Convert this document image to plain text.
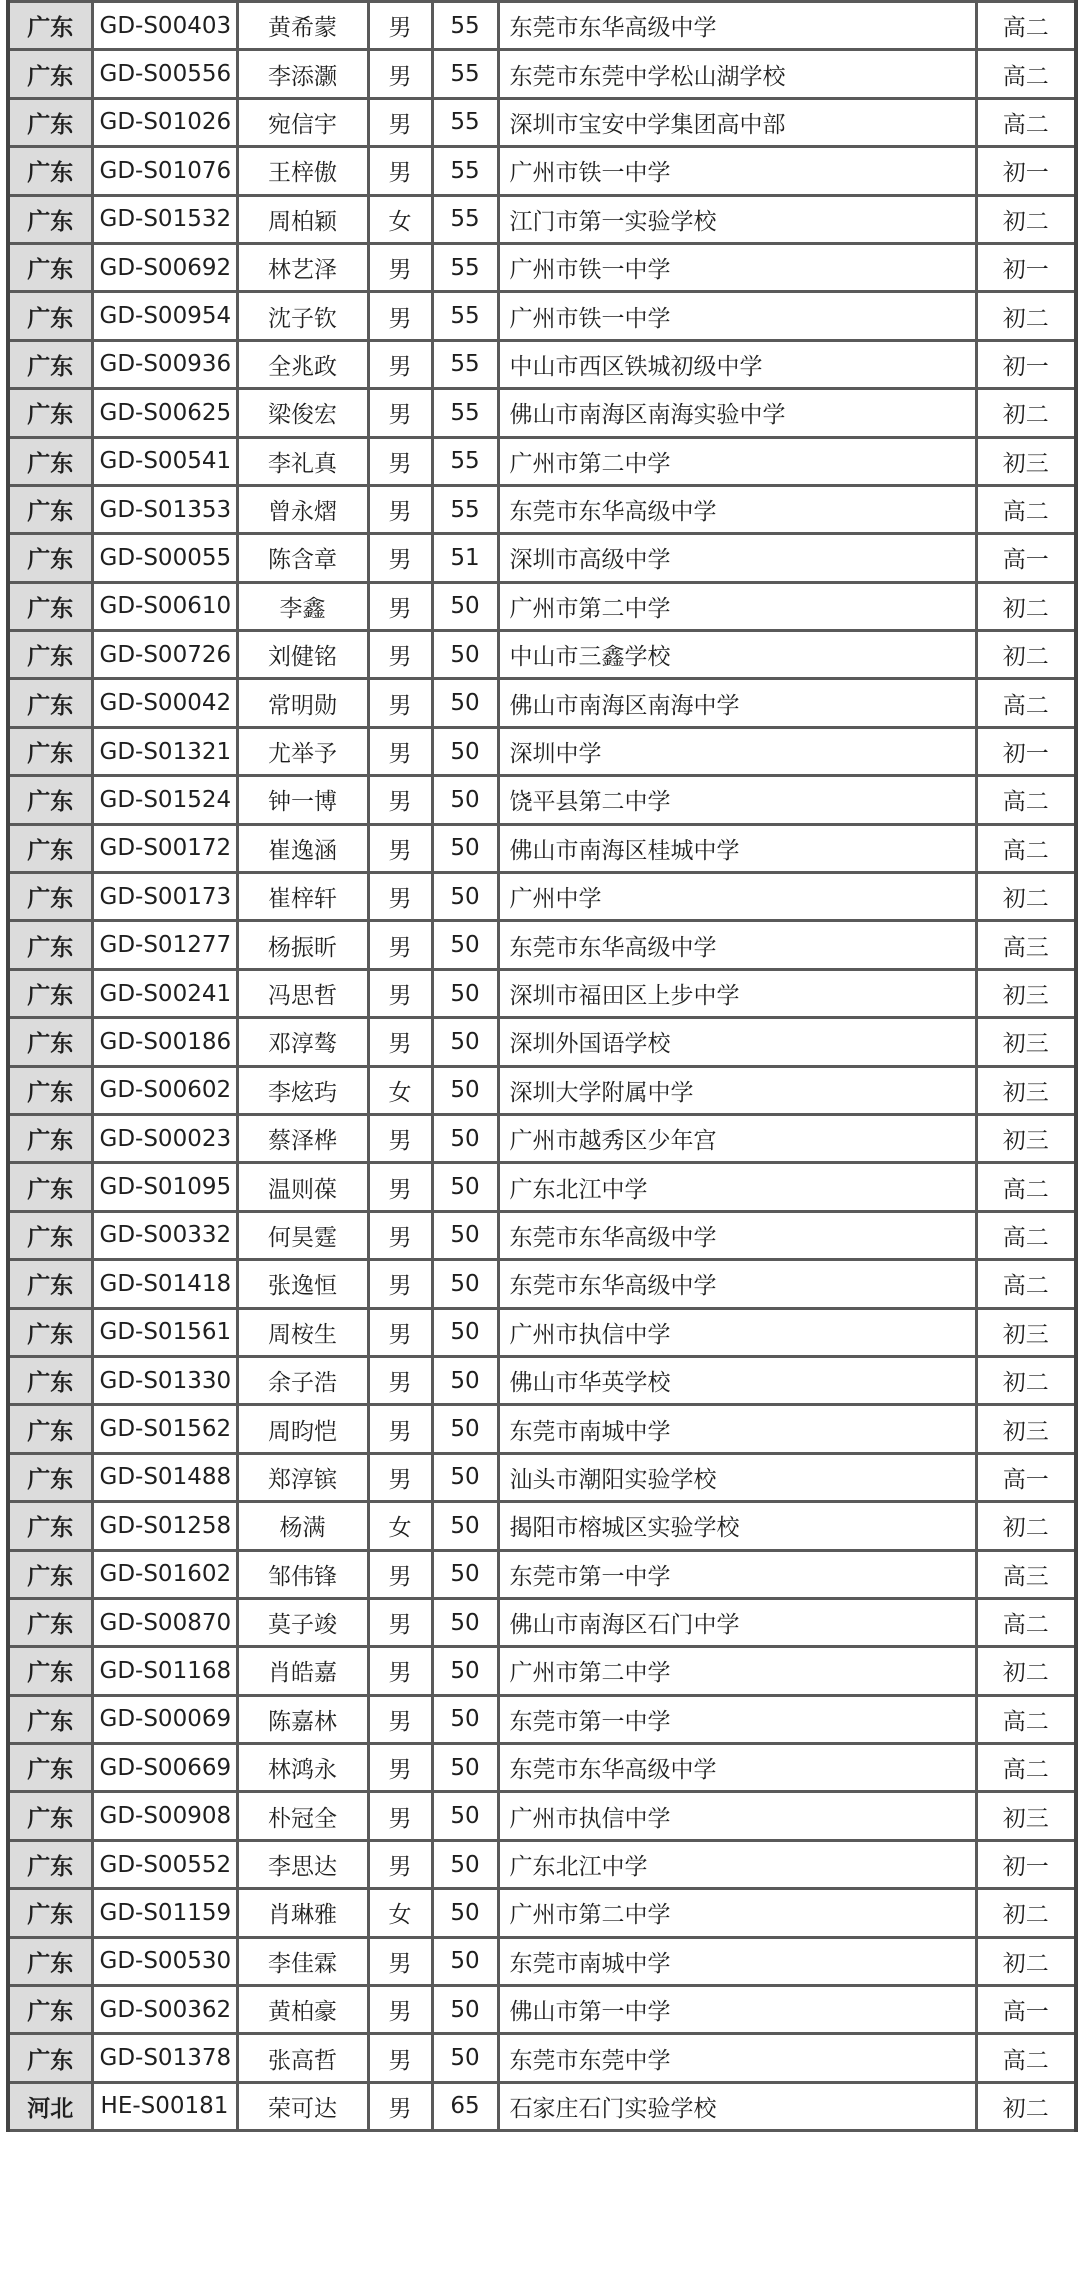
广东	GD-S00403	黄希蒙	男	55	东莞市东华高级中学	高二
广东	GD-S00556	李添灏	男	55	东莞市东莞中学松山湖学校	高二
广东	GD-S01026	宛信宇	男	55	深圳市宝安中学集团高中部	高二
广东	GD-S01076	王梓傲	男	55	广州市铁一中学	初一
广东	GD-S01532	周柏颖	女	55	江门市第一实验学校	初二
广东	GD-S00692	林艺泽	男	55	广州市铁一中学	初一
广东	GD-S00954	沈子钦	男	55	广州市铁一中学	初二
广东	GD-S00936	全兆政	男	55	中山市西区铁城初级中学	初一
广东	GD-S00625	梁俊宏	男	55	佛山市南海区南海实验中学	初二
广东	GD-S00541	李礼真	男	55	广州市第二中学	初三
广东	GD-S01353	曾永熠	男	55	东莞市东华高级中学	高二
广东	GD-S00055	陈含章	男	51	深圳市高级中学	高一
广东	GD-S00610	李鑫	男	50	广州市第二中学	初二
广东	GD-S00726	刘健铭	男	50	中山市三鑫学校	初二
广东	GD-S00042	常明勋	男	50	佛山市南海区南海中学	高二
广东	GD-S01321	尤举予	男	50	深圳中学	初一
广东	GD-S01524	钟一博	男	50	饶平县第二中学	高二
广东	GD-S00172	崔逸涵	男	50	佛山市南海区桂城中学	高二
广东	GD-S00173	崔梓轩	男	50	广州中学	初二
广东	GD-S01277	杨振昕	男	50	东莞市东华高级中学	高三
广东	GD-S00241	冯思哲	男	50	深圳市福田区上步中学	初三
广东	GD-S00186	邓淳骜	男	50	深圳外国语学校	初三
广东	GD-S00602	李炫玙	女	50	深圳大学附属中学	初三
广东	GD-S00023	蔡泽桦	男	50	广州市越秀区少年宫	初三
广东	GD-S01095	温则葆	男	50	广东北江中学	高二
广东	GD-S00332	何昊霆	男	50	东莞市东华高级中学	高二
广东	GD-S01418	张逸恒	男	50	东莞市东华高级中学	高二
广东	GD-S01561	周桉生	男	50	广州市执信中学	初三
广东	GD-S01330	余子浩	男	50	佛山市华英学校	初二
广东	GD-S01562	周昀恺	男	50	东莞市南城中学	初三
广东	GD-S01488	郑淳镔	男	50	汕头市潮阳实验学校	高一
广东	GD-S01258	杨满	女	50	揭阳市榕城区实验学校	初二
广东	GD-S01602	邹伟锋	男	50	东莞市第一中学	高三
广东	GD-S00870	莫子竣	男	50	佛山市南海区石门中学	高二
广东	GD-S01168	肖皓嘉	男	50	广州市第二中学	初二
广东	GD-S00069	陈嘉林	男	50	东莞市第一中学	高二
广东	GD-S00669	林鸿永	男	50	东莞市东华高级中学	高二
广东	GD-S00908	朴冠全	男	50	广州市执信中学	初三
广东	GD-S00552	李思达	男	50	广东北江中学	初一
广东	GD-S01159	肖琳雅	女	50	广州市第二中学	初二
广东	GD-S00530	李佳霖	男	50	东莞市南城中学	初二
广东	GD-S00362	黄柏豪	男	50	佛山市第一中学	高一
广东	GD-S01378	张高哲	男	50	东莞市东莞中学	高二
河北	HE-S00181	荣可达	男	65	石家庄石门实验学校	初二
